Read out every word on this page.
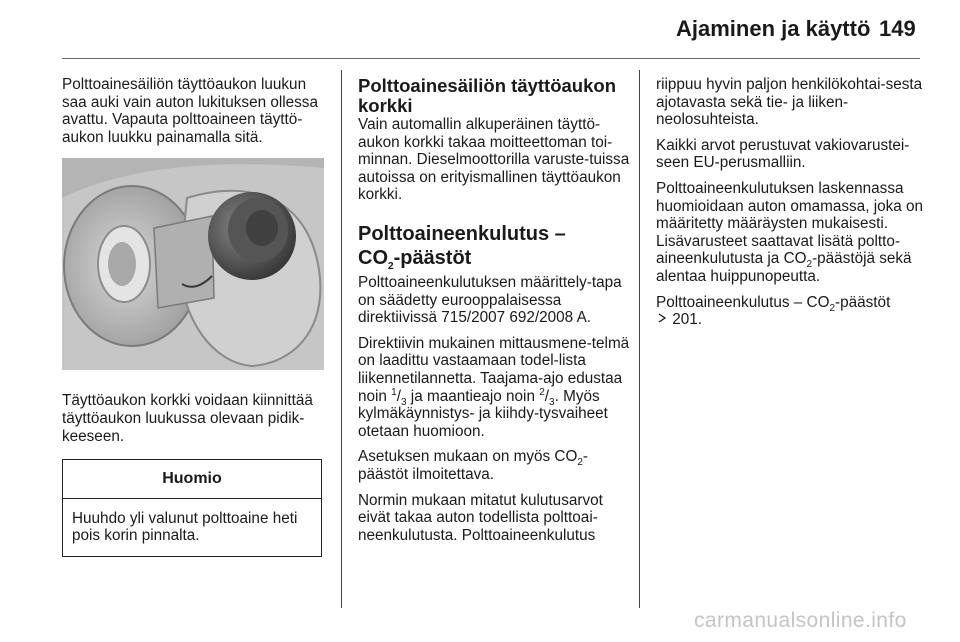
Ajaminen ja käyttö 149

Polttoainesäiliön täyttöaukon luukun saa auki vain auton lukituksen ollessa avattu. Vapauta polttoaineen täyttö-aukon luukku painamalla sitä.

Täyttöaukon korkki voidaan kiinnittää täyttöaukon luukussa olevaan pidik-keeseen.

Huomio
Huuhdo yli valunut polttoaine heti pois korin pinnalta.
Polttoainesäiliön täyttöaukon korkki

Vain automallin alkuperäinen täyttö-aukon korkki takaa moitteettoman toi-minnan. Dieselmoottorilla varuste-tuissa autoissa on erityismallinen täyttöaukon korkki.

Polttoaineenkulutus –
$CO_2$-päästöt

Polttoaineenkulutuksen määrittely-tapa on säädetty eurooppalaisessa direktiivissä 715/2007 692/2008 A.

Direktiivin mukainen mittausmene-telmä on laadittu vastaamaan todel-lista liikennetilannetta. Taajama-ajo edustaa noin $^1/_3$ ja maantieajo noin $^2/_3$. Myös kylmäkäynnistys- ja kiihdy-tysvaiheet otetaan huomioon.

Asetuksen mukaan on myös $CO_2$-päästöt ilmoitettava.

Normin mukaan mitatut kulutusarvot eivät takaa auton todellista polttoai-neenkulutusta. Polttoaineenkulutus

riippuu hyvin paljon henkilökohtai-sesta ajotavasta sekä tie- ja liiken-neolosuhteista.

Kaikki arvot perustuvat vakiovarustei-seen EU-perusmalliin.

Polttoaineenkulutuksen laskennassa huomioidaan auton omamassa, joka on määritetty määräysten mukaisesti. Lisävarusteet saattavat lisätä poltto-aineenkulutusta ja $CO_2$-päästöjä sekä alentaa huippunopeutta.

Polttoaineenkulutus – $CO_2$-päästöt
201.

carmanualsonline.info
